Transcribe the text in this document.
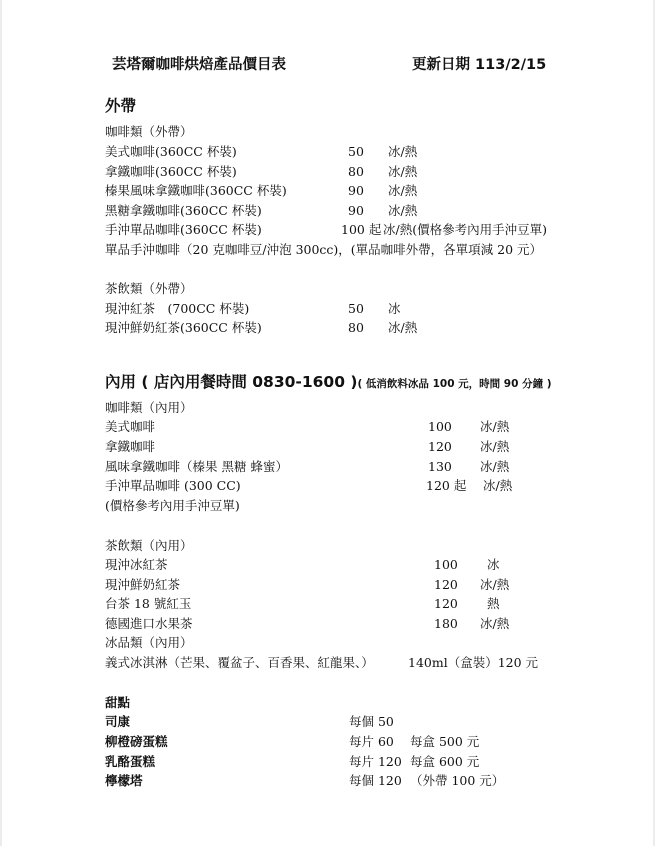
芸塔爾咖啡烘焙產品價目表	更新日期 113/2/15
外帶
咖啡類（外帶）
美式咖啡(360CC 杯裝)	50 冰/熱
拿鐵咖啡(360CC 杯裝)	80 冰/熱
榛果風味拿鐵咖啡(360CC 杯裝)	90 冰/熱
黑糖拿鐵咖啡(360CC 杯裝)	90 冰/熱
手沖單品咖啡(360CC 杯裝)	100 起 冰/熱(價格參考內用手沖豆單)
單品手沖咖啡（20 克咖啡豆/沖泡 300cc)，(單品咖啡外帶，各單項減 20 元）
茶飲類（外帶）
現沖紅茶　(700CC 杯裝)	50 冰
現沖鮮奶紅茶(360CC 杯裝)	80 冰/熱
內用 ( 店內用餐時間 0830-1600 )( 低消飲料冰品 100 元，時間 90 分鐘 )
咖啡類（內用）
美式咖啡	100 冰/熱
拿鐵咖啡	120 冰/熱
風味拿鐵咖啡（榛果 黑糖 蜂蜜）	130 冰/熱
手沖單品咖啡 (300 CC)	120 起 冰/熱
(價格參考內用手沖豆單)
茶飲類（內用）
現沖冰紅茶	100 冰
現沖鮮奶紅茶	120 冰/熱
台茶 18 號紅玉	120 熱
德國進口水果茶	180 冰/熱
冰品類（內用）
義式冰淇淋（芒果、覆盆子、百香果、紅龍果、）	140ml（盒裝）120 元
甜點
司康	每個 50
柳橙磅蛋糕	每片 60 每盒 500 元
乳酪蛋糕	每片 120 每盒 600 元
檸檬塔	每個 120 （外帶 100 元）
